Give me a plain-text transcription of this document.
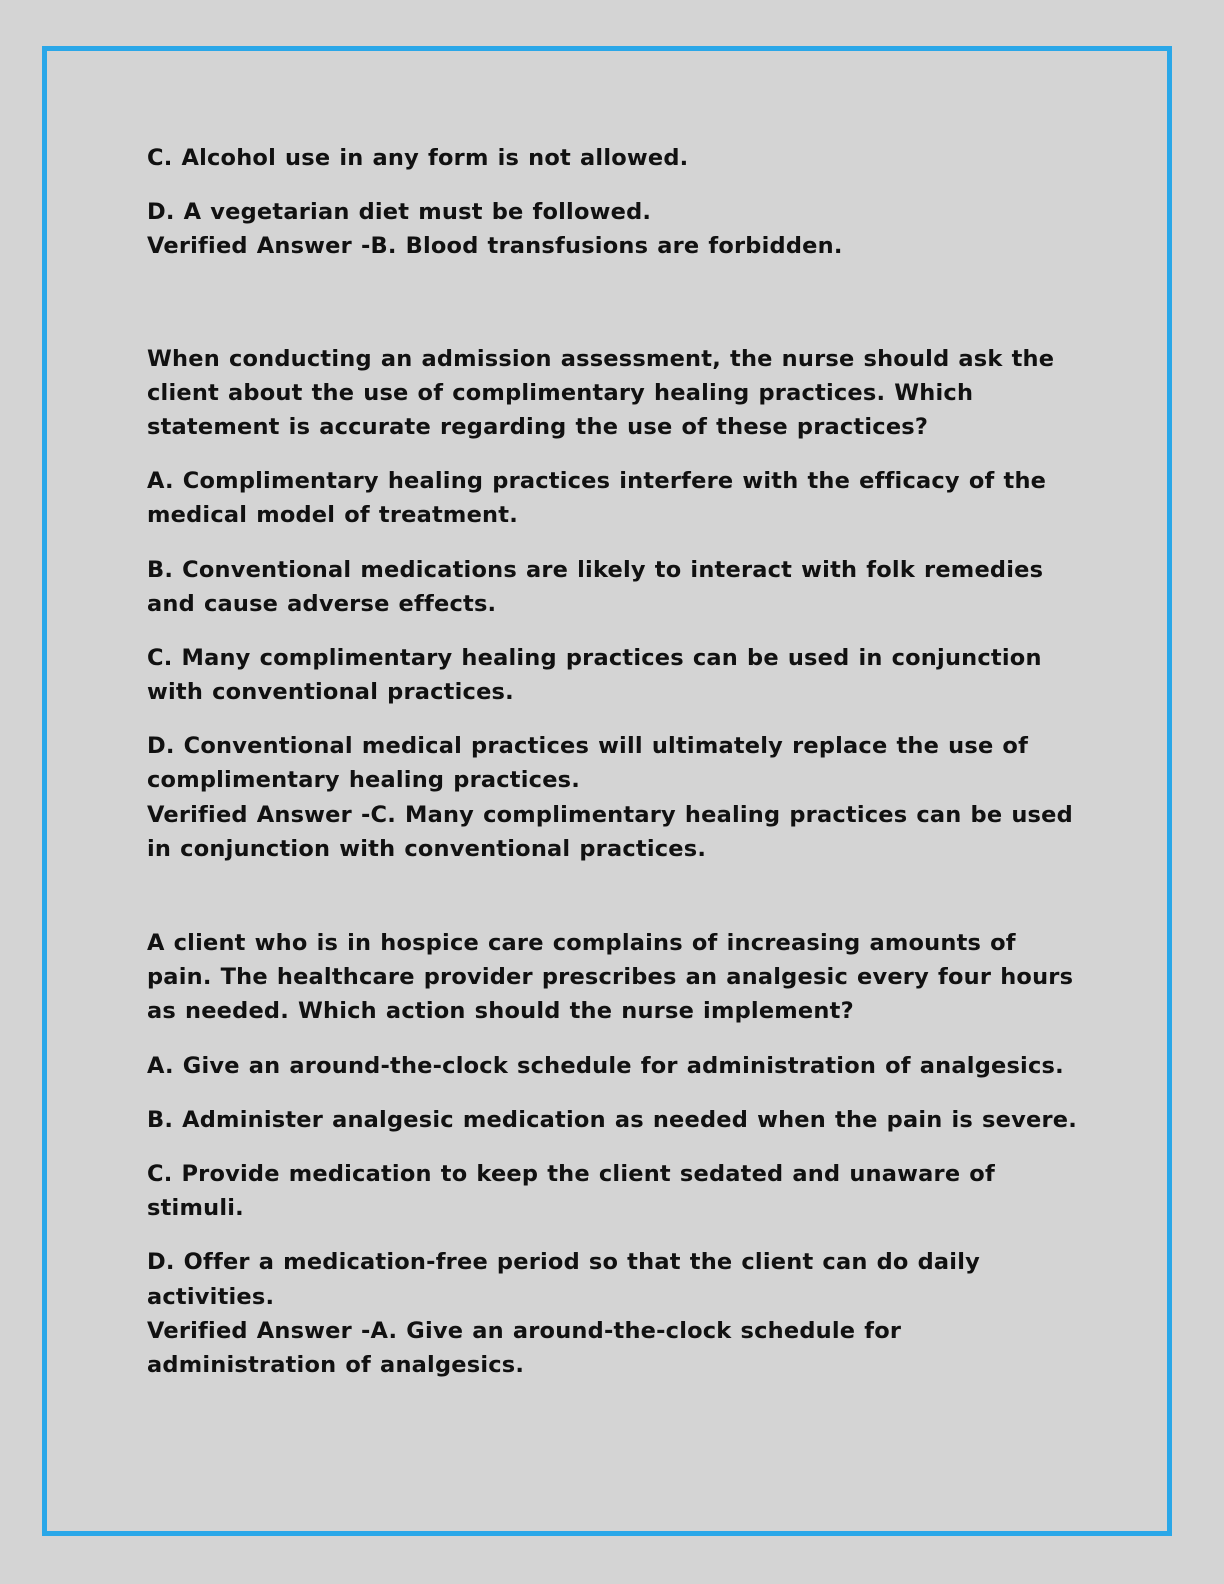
C. Alcohol use in any form is not allowed.

D. A vegetarian diet must be followed.

Verified Answer -B. Blood transfusions are forbidden.

When conducting an admission assessment, the nurse should ask the client about the use of complimentary healing practices. Which statement is accurate regarding the use of these practices?

A. Complimentary healing practices interfere with the efficacy of the medical model of treatment.

B. Conventional medications are likely to interact with folk remedies and cause adverse effects.

C. Many complimentary healing practices can be used in conjunction with conventional practices.

D. Conventional medical practices will ultimately replace the use of complimentary healing practices.

Verified Answer -C. Many complimentary healing practices can be used in conjunction with conventional practices.

A client who is in hospice care complains of increasing amounts of pain. The healthcare provider prescribes an analgesic every four hours as needed. Which action should the nurse implement?

A. Give an around-the-clock schedule for administration of analgesics.

B. Administer analgesic medication as needed when the pain is severe.

C. Provide medication to keep the client sedated and unaware of stimuli.

D. Offer a medication-free period so that the client can do daily activities.

Verified Answer -A. Give an around-the-clock schedule for administration of analgesics.
